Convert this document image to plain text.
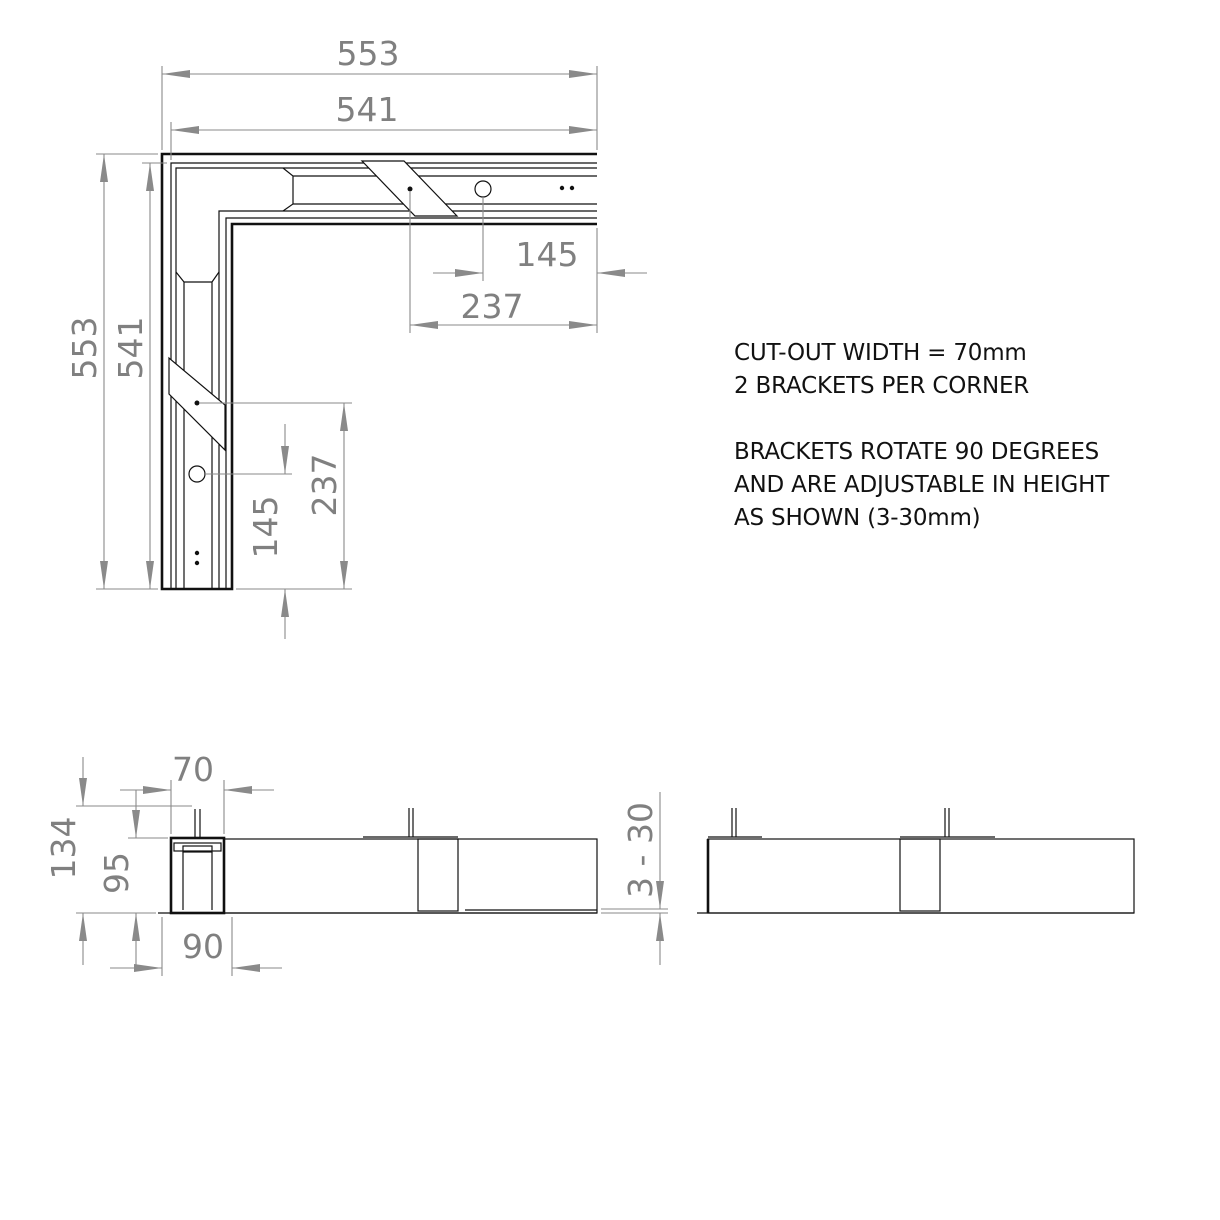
553
541
145
237
553 541
145
237
70
134 95
90
3 - 30
CUT-OUT WIDTH = 70mm
2 BRACKETS PER CORNER
BRACKETS ROTATE 90 DEGREES
AND ARE ADJUSTABLE IN HEIGHT
AS SHOWN (3-30mm)
